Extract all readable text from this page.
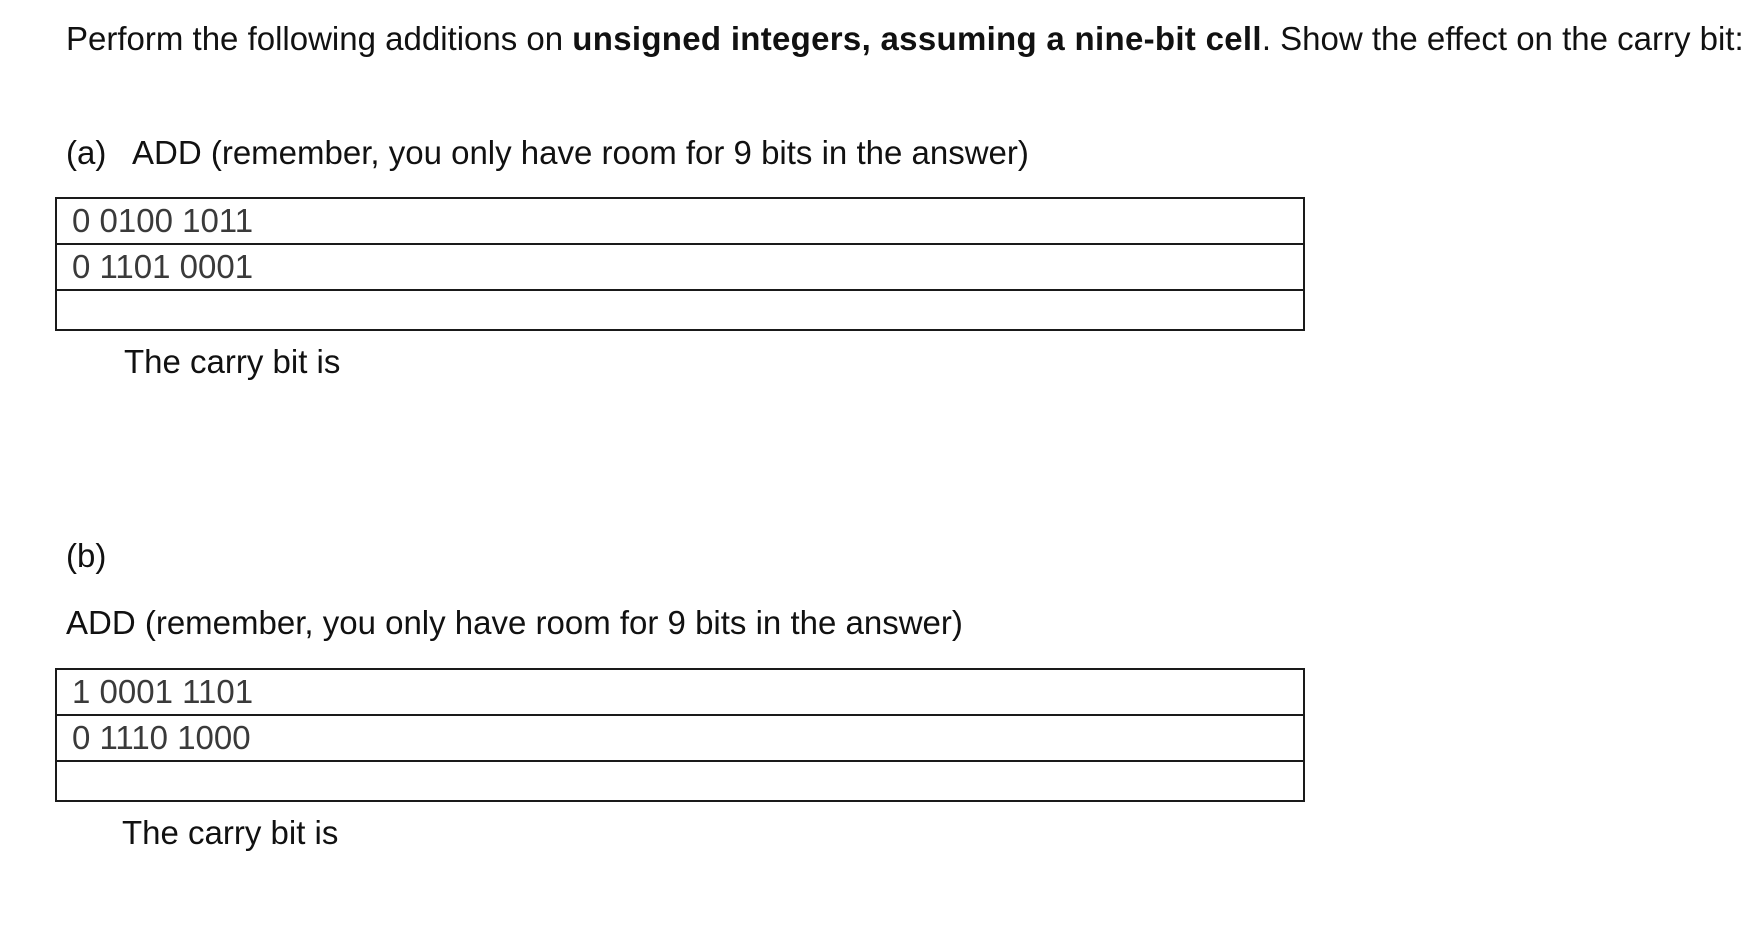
Perform the following additions on unsigned integers, assuming a nine-bit cell. Show the effect on the carry bit:

(a) ADD (remember, you only have room for 9 bits in the answer)

0 0100 1011
0 1101 0001

The carry bit is

(b)

ADD (remember, you only have room for 9 bits in the answer)

1 0001 1101
0 1110 1000

The carry bit is
